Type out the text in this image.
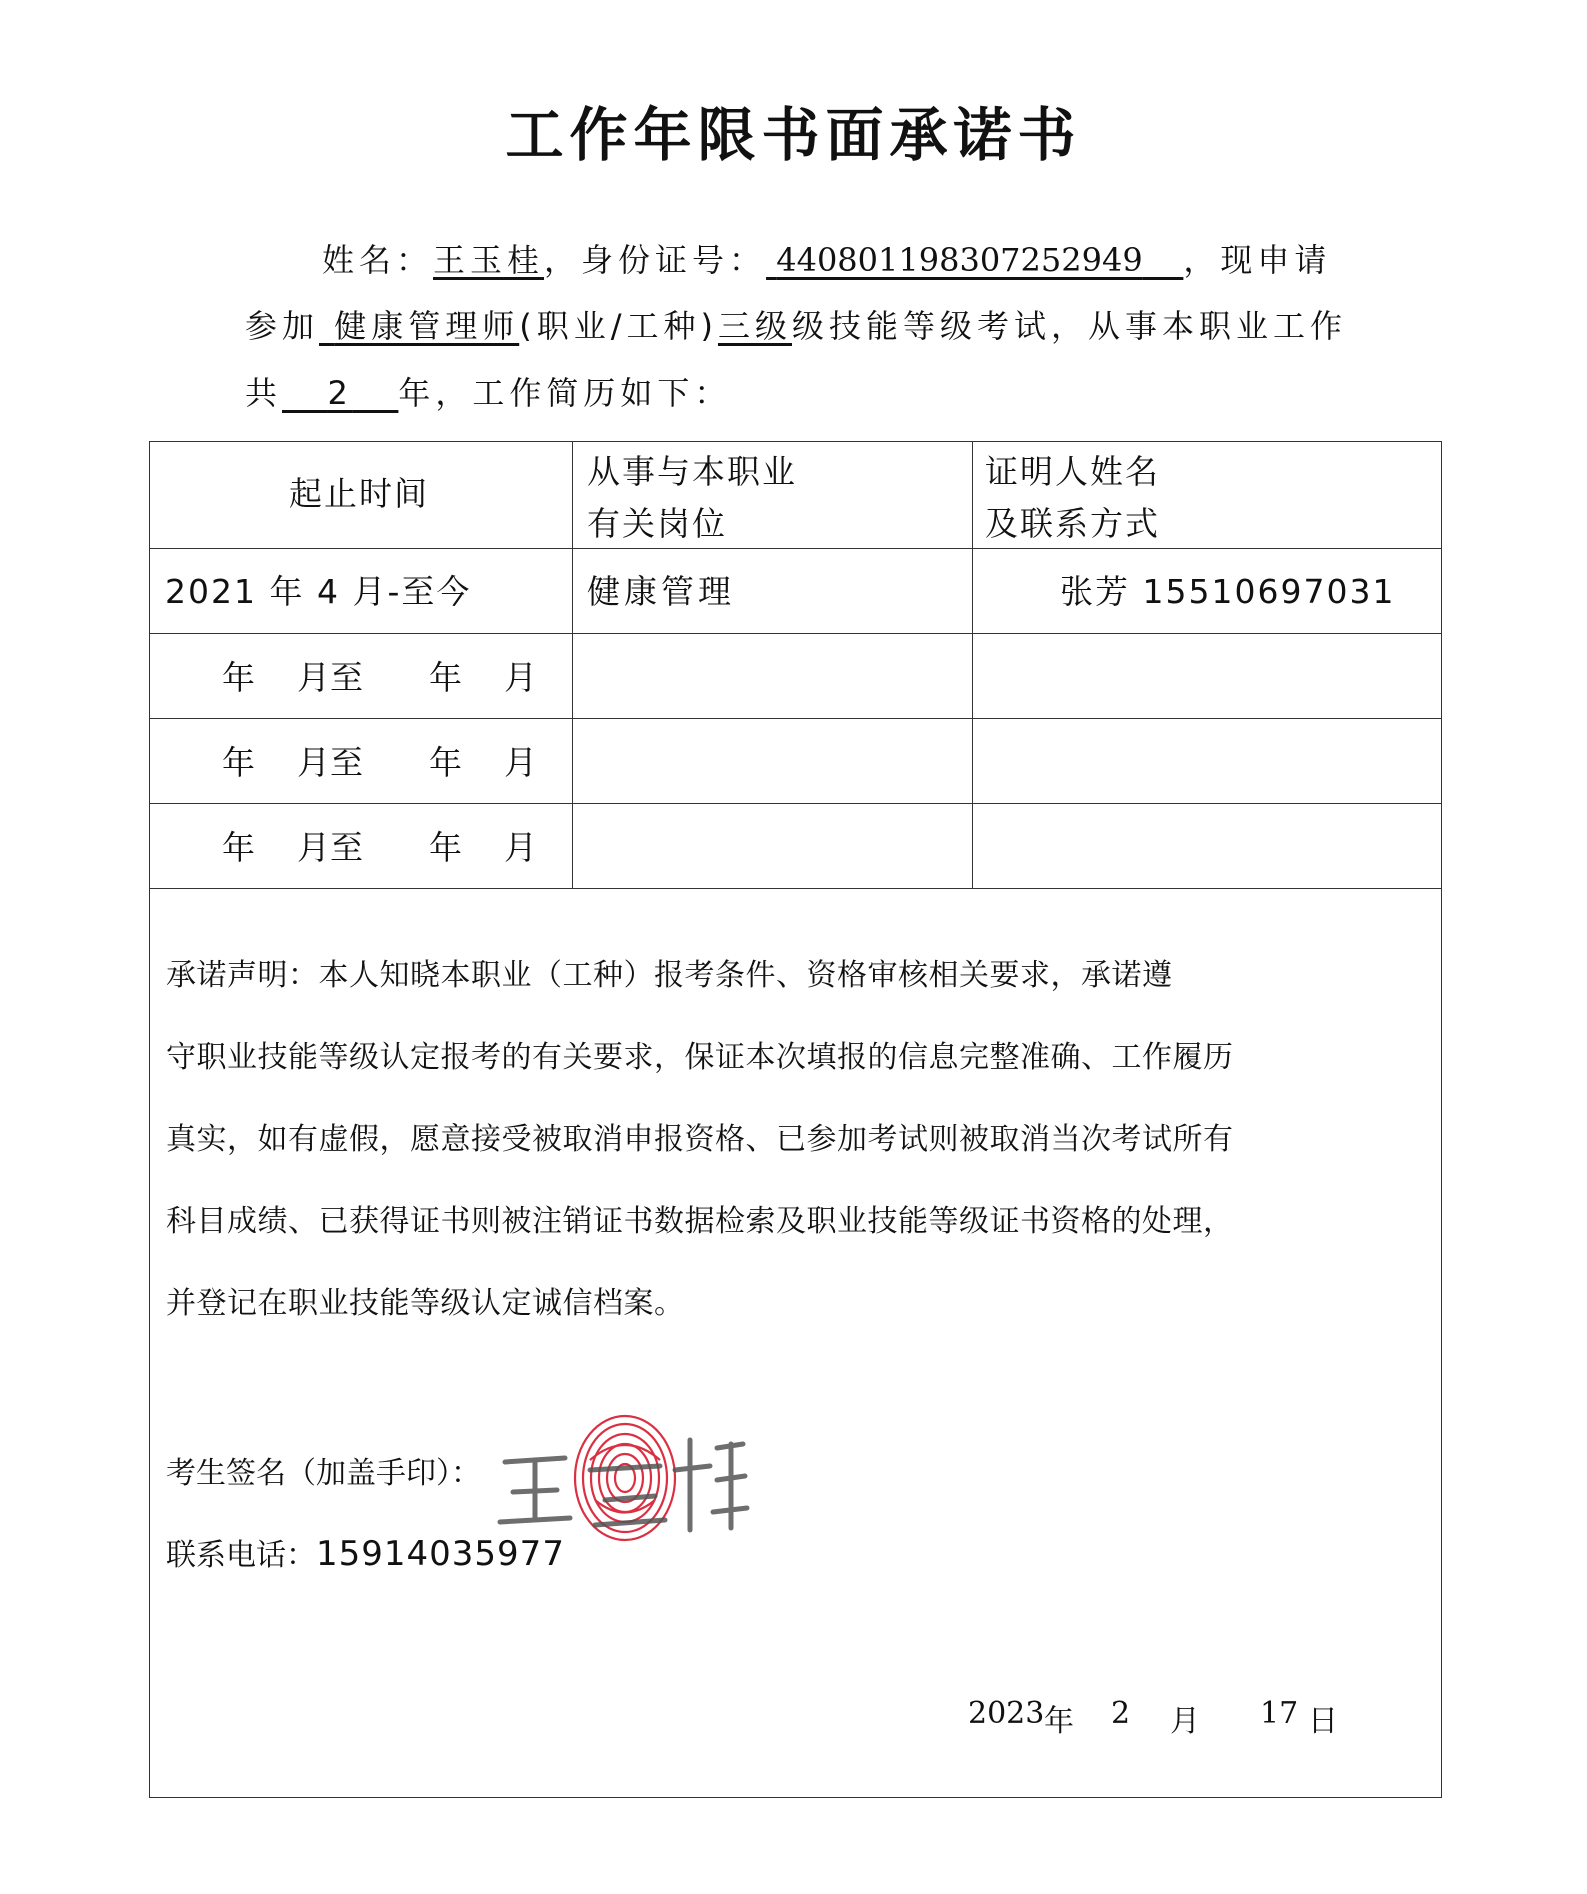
工作年限书面承诺书
姓名：王玉桂，身份证号： 440801198307252949 ，现申请
参加 健康管理师(职业/工种)三级级技能等级考试，从事本职业工作
共 2 年，工作简历如下：
起止时间
从事与本职业
有关岗位
证明人姓名
及联系方式
2021 年 4 月-至今	健康管理	张芳 15510697031
年 月至 年 月
年 月至 年 月
年 月至 年 月

承诺声明：本人知晓本职业（工种）报考条件、资格审核相关要求，承诺遵

守职业技能等级认定报考的有关要求，保证本次填报的信息完整准确、工作履历

真实，如有虚假，愿意接受被取消申报资格、已参加考试则被取消当次考试所有

科目成绩、已获得证书则被注销证书数据检索及职业技能等级证书资格的处理，

并登记在职业技能等级认定诚信档案。

考生签名（加盖手印）：
联系电话：15914035977
2023 年 2 月 17 日
